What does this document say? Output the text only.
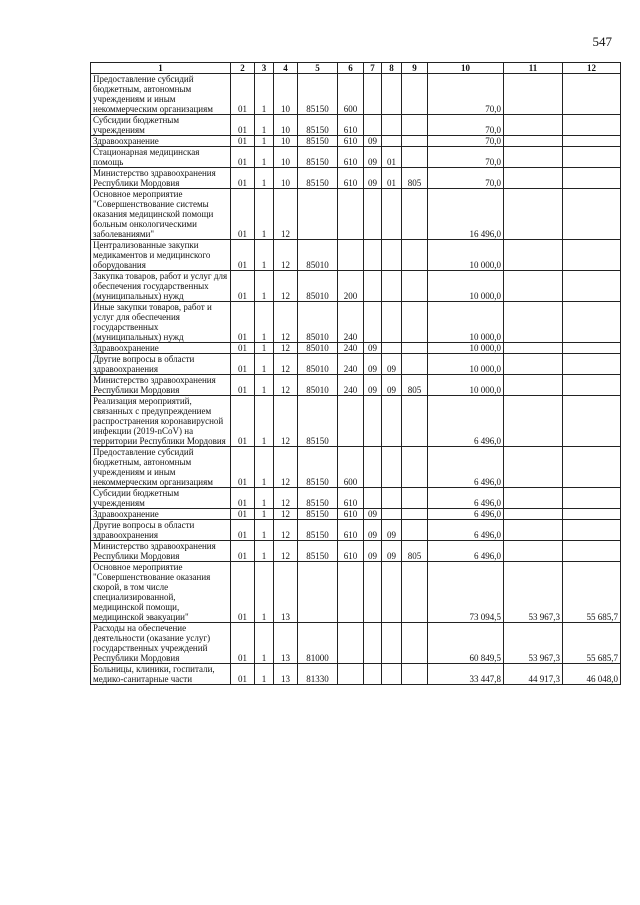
547
1	2	3	4	5	6	7	8	9	10	11	12
Предоставление субсидий бюджетным, автономным учреждениям и иным некоммерческим организациям	01	1	10	85150	600				70,0		
Субсидии бюджетным учреждениям	01	1	10	85150	610				70,0		
Здравоохранение	01	1	10	85150	610	09			70,0		
Стационарная медицинская помощь	01	1	10	85150	610	09	01		70,0		
Министерство здравоохранения Республики Мордовия	01	1	10	85150	610	09	01	805	70,0		
Основное мероприятие "Совершенствование системы оказания медицинской помощи больным онкологическими заболеваниями"	01	1	12						16 496,0		
Централизованные закупки медикаментов и медицинского оборудования	01	1	12	85010					10 000,0		
Закупка товаров, работ и услуг для обеспечения государственных (муниципальных) нужд	01	1	12	85010	200				10 000,0		
Иные закупки товаров, работ и услуг для обеспечения государственных (муниципальных) нужд	01	1	12	85010	240				10 000,0		
Здравоохранение	01	1	12	85010	240	09			10 000,0		
Другие вопросы в области здравоохранения	01	1	12	85010	240	09	09		10 000,0		
Министерство здравоохранения Республики Мордовия	01	1	12	85010	240	09	09	805	10 000,0		
Реализация мероприятий, связанных с предупреждением распространения коронавирусной инфекции (2019-nCoV) на территории Республики Мордовия	01	1	12	85150					6 496,0		
Предоставление субсидий бюджетным, автономным учреждениям и иным некоммерческим организациям	01	1	12	85150	600				6 496,0		
Субсидии бюджетным учреждениям	01	1	12	85150	610				6 496,0		
Здравоохранение	01	1	12	85150	610	09			6 496,0		
Другие вопросы в области здравоохранения	01	1	12	85150	610	09	09		6 496,0		
Министерство здравоохранения Республики Мордовия	01	1	12	85150	610	09	09	805	6 496,0		
Основное мероприятие "Совершенствование оказания скорой, в том числе специализированной, медицинской помощи, медицинской эвакуации"	01	1	13						73 094,5	53 967,3	55 685,7
Расходы на обеспечение деятельности (оказание услуг) государственных учреждений Республики Мордовия	01	1	13	81000					60 849,5	53 967,3	55 685,7
Больницы, клиники, госпитали, медико-санитарные части	01	1	13	81330					33 447,8	44 917,3	46 048,0
